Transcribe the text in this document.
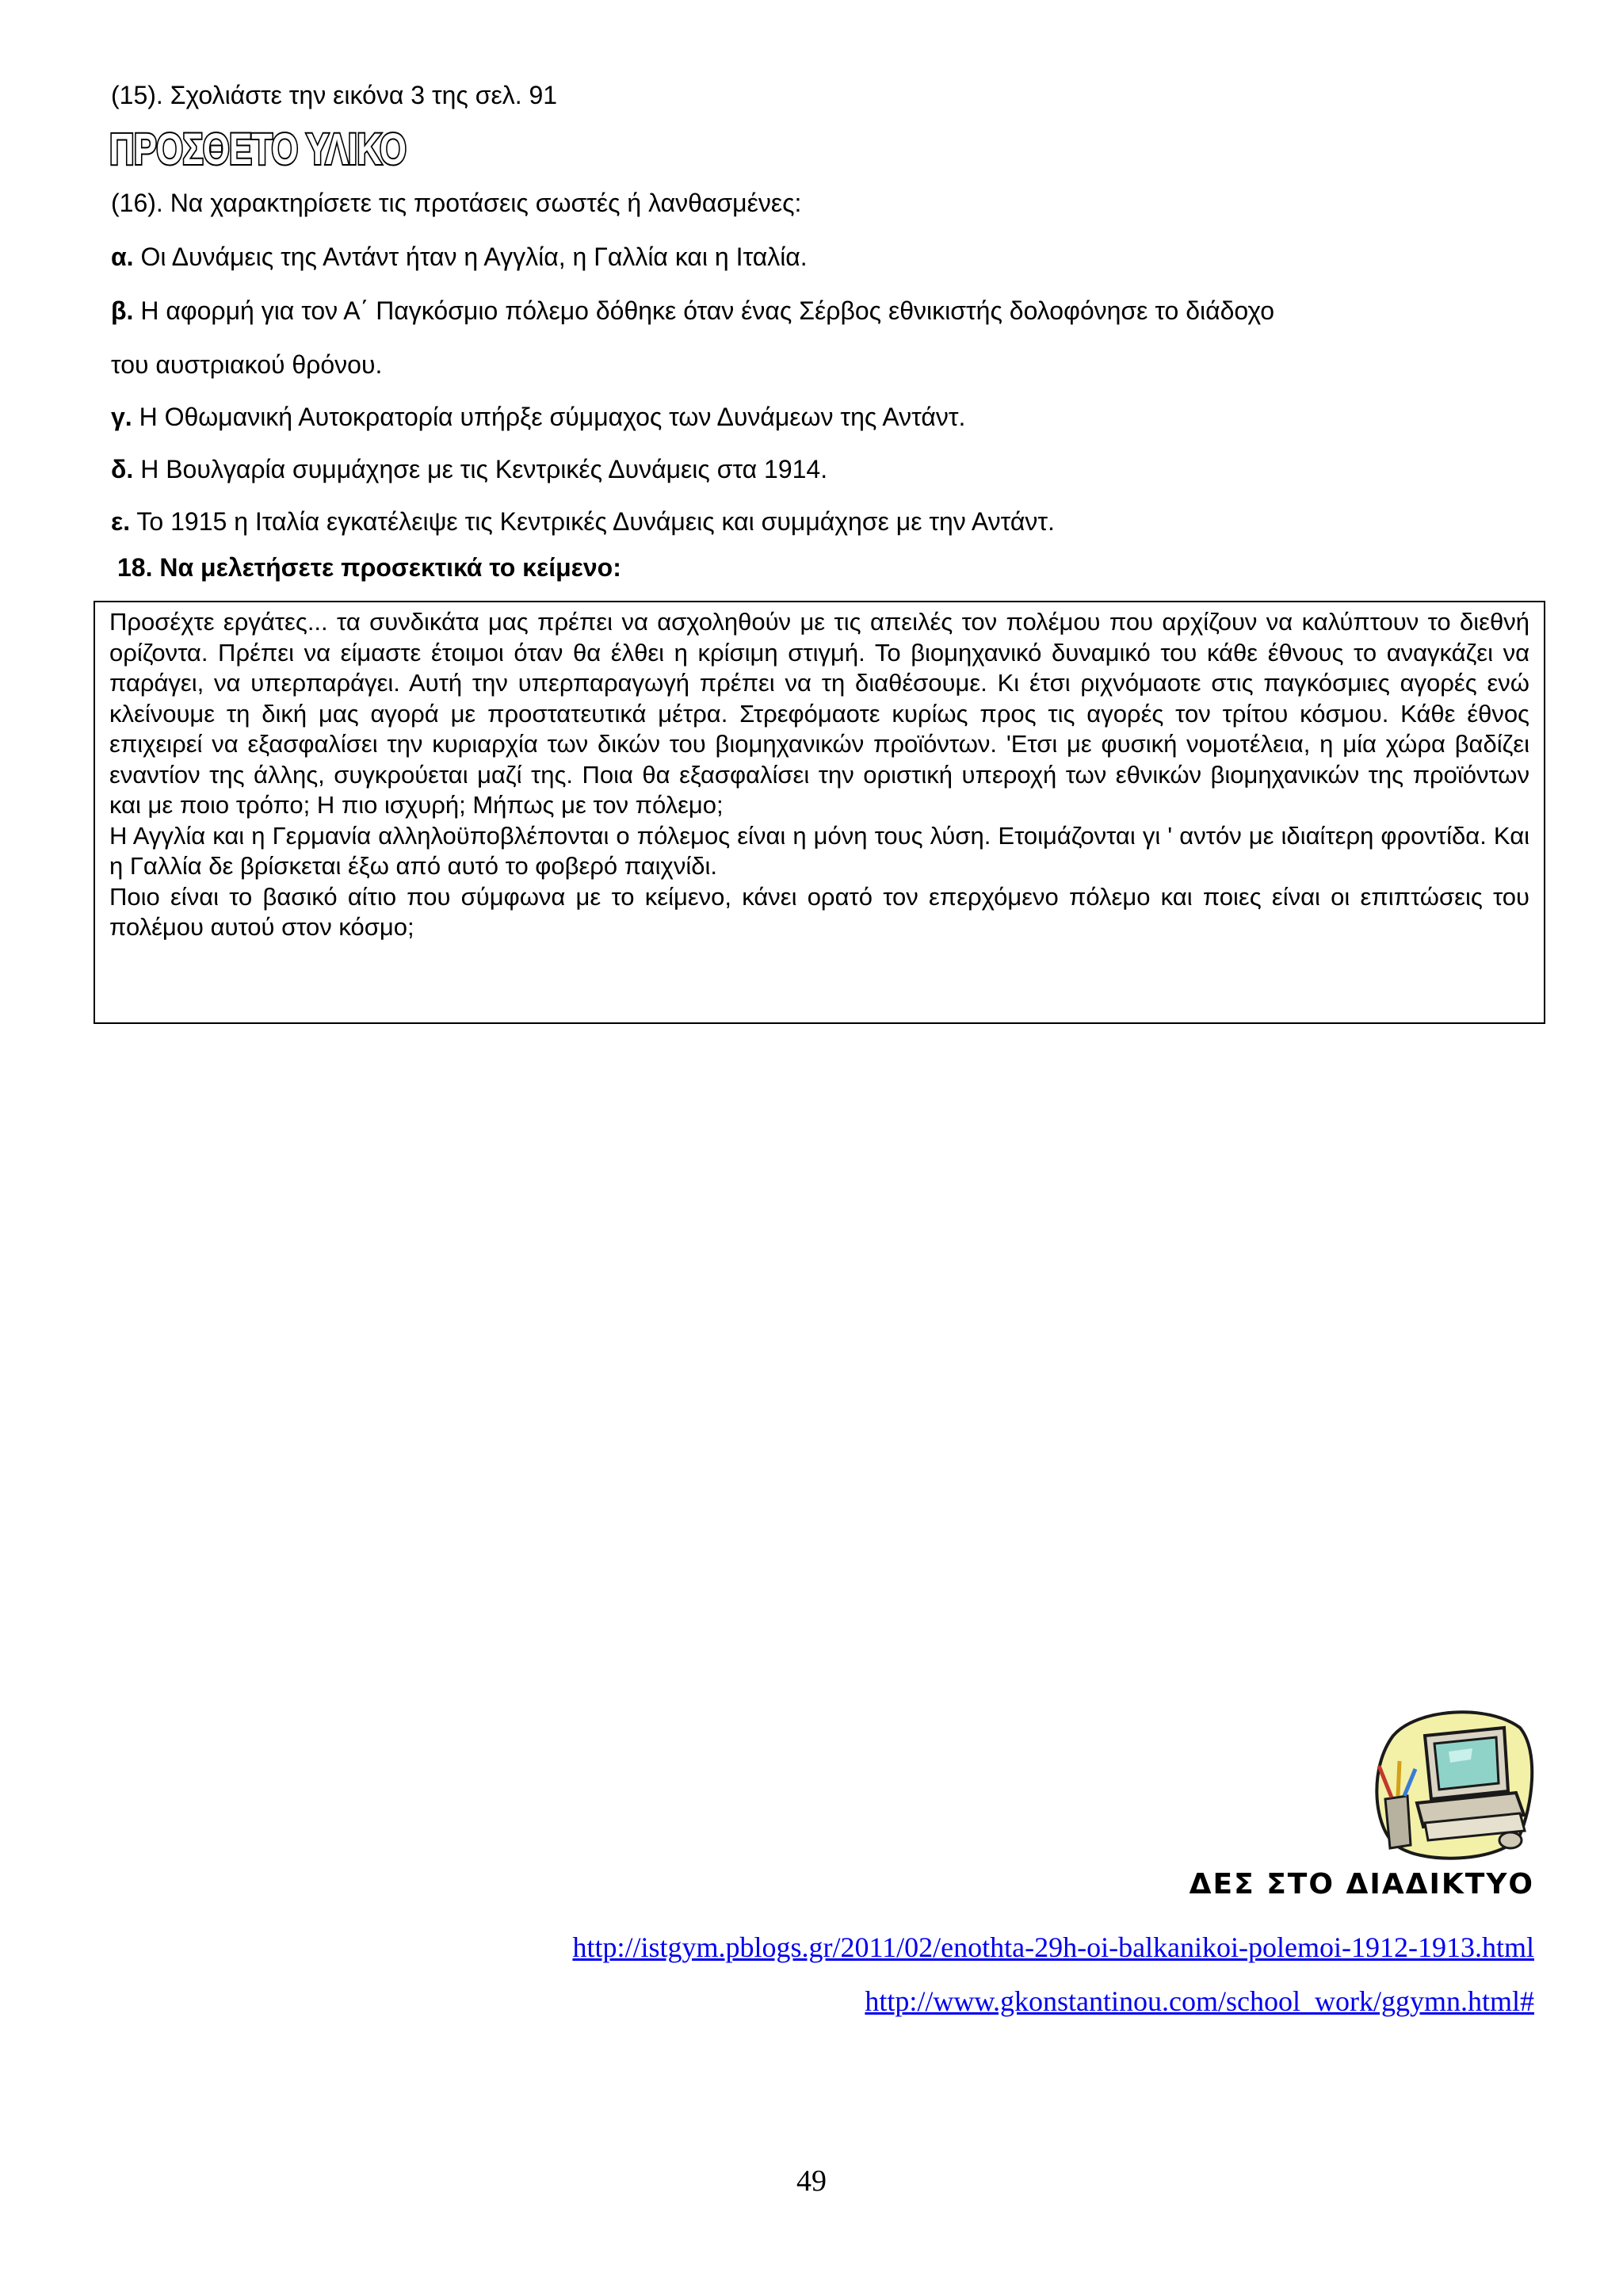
(15). Σχολιάστε την εικόνα 3 της σελ. 91
ΠΡΟΣΘΕΤΟ ΥΛΙΚΟ
(16). Να χαρακτηρίσετε τις προτάσεις σωστές ή λανθασμένες:
α. Οι Δυνάμεις της Αντάντ ήταν η Αγγλία, η Γαλλία και η Ιταλία.
β. Η αφορμή για τον Α΄ Παγκόσμιο πόλεμο δόθηκε όταν ένας Σέρβος εθνικιστής δολοφόνησε το διάδοχο
του αυστριακού θρόνου.
γ. Η Οθωμανική Αυτοκρατορία υπήρξε σύμμαχος των Δυνάμεων της Αντάντ.
δ. Η Βουλγαρία συμμάχησε με τις Κεντρικές Δυνάμεις στα 1914.
ε. Το 1915 η Ιταλία εγκατέλειψε τις Κεντρικές Δυνάμεις και συμμάχησε με την Αντάντ.
18. Να μελετήσετε προσεκτικά το κείμενο:

Προσέχτε εργάτες... τα συνδικάτα μας πρέπει να ασχοληθούν με τις απειλές τον πολέμου που αρχίζουν να καλύπτουν το διεθνή ορίζοντα. Πρέπει να είμαστε έτοιμοι όταν θα έλθει η κρίσιμη στιγμή. Το βιομηχανικό δυναμικό του κάθε έθνους το αναγκάζει να παράγει, να υπερπαράγει. Αυτή την υπερπαραγωγή πρέπει να τη διαθέσουμε. Κι έτσι ριχνόμαοτε στις παγκόσμιες αγορές ενώ κλείνουμε τη δική μας αγορά με προστατευτικά μέτρα. Στρεφόμαοτε κυρίως προς τις αγορές τον τρίτου κόσμου. Κάθε έθνος επιχειρεί να εξασφαλίσει την κυριαρχία των δικών του βιομηχανικών προϊόντων. 'Ετσι με φυσική νομοτέλεια, η μία χώρα βαδίζει εναντίον της άλλης, συγκρούεται μαζί της. Ποια θα εξασφαλίσει την οριστική υπεροχή των εθνικών βιομηχανικών της προϊόντων και με ποιο τρόπο; Η πιο ισχυρή; Μήπως με τον πόλεμο;

Η Αγγλία και η Γερμανία αλληλοϋποβλέπονται ο πόλεμος είναι η μόνη τους λύση. Ετοιμάζονται γι ' αντόν με ιδιαίτερη φροντίδα. Και η Γαλλία δε βρίσκεται έξω από αυτό το φοβερό παιχνίδι.

Ποιο είναι το βασικό αίτιο που σύμφωνα με το κείμενο, κάνει ορατό τον επερχόμενο πόλεμο και ποιες είναι οι επιπτώσεις του πολέμου αυτού στον κόσμο;

ΔΕΣ ΣΤΟ ΔΙΑΔΙΚΤΥΟ
http://istgym.pblogs.gr/2011/02/enothta-29h-oi-balkanikoi-polemoi-1912-1913.html
http://www.gkonstantinou.com/school_work/ggymn.html#
49
